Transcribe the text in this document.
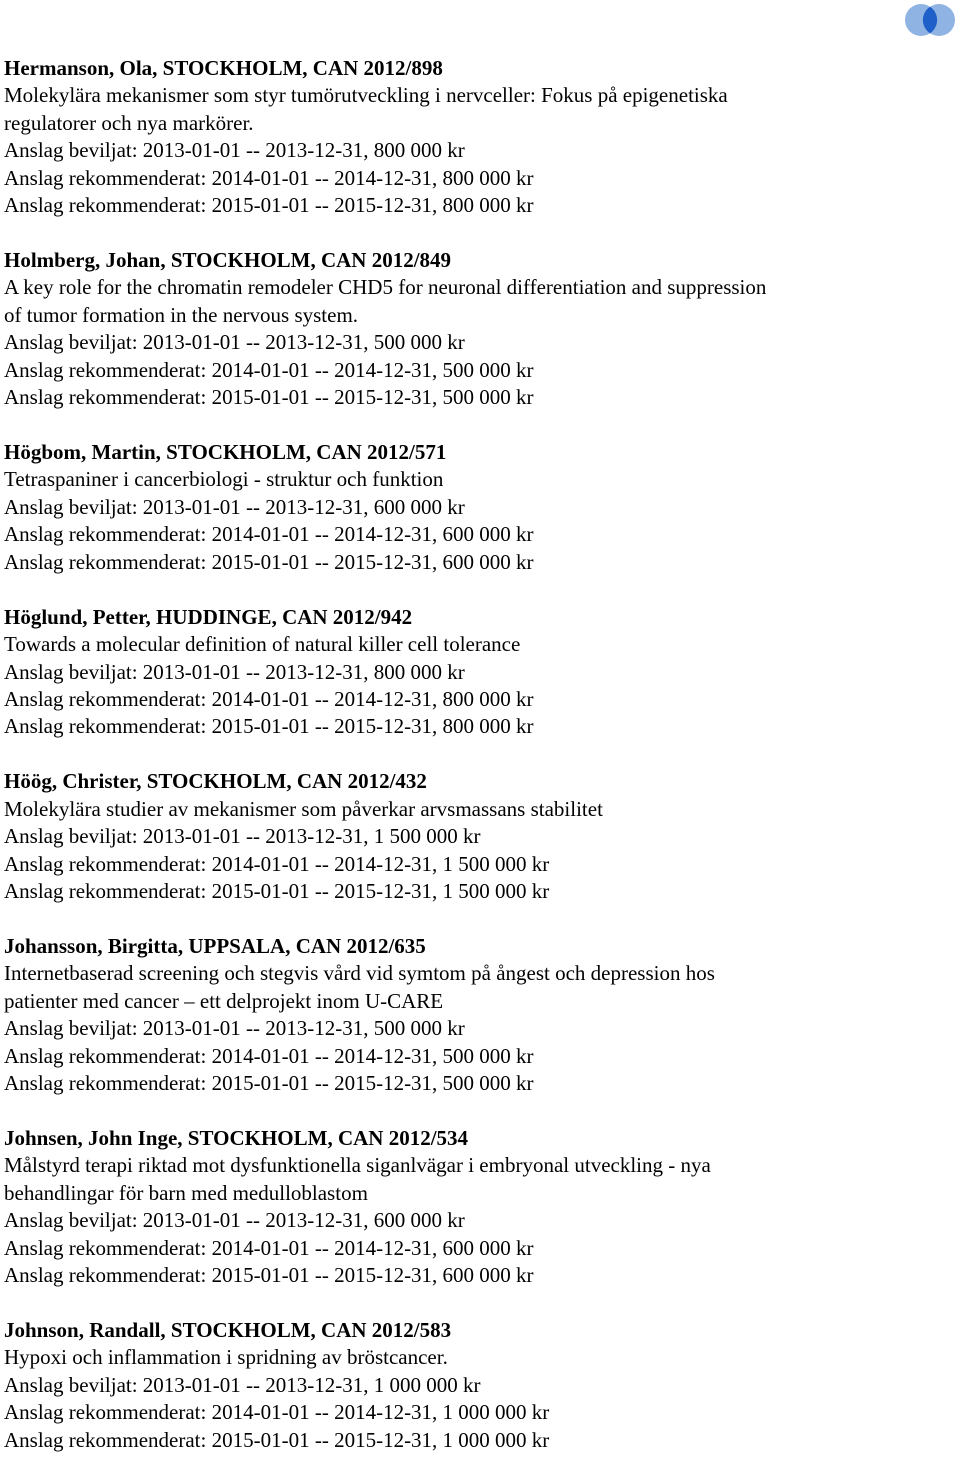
Hermanson, Ola, STOCKHOLM, CAN 2012/898
Molekylära mekanismer som styr tumörutveckling i nervceller: Fokus på epigenetiska
regulatorer och nya markörer.
Anslag beviljat: 2013-01-01 -- 2013-12-31, 800 000 kr
Anslag rekommenderat: 2014-01-01 -- 2014-12-31, 800 000 kr
Anslag rekommenderat: 2015-01-01 -- 2015-12-31, 800 000 kr
Holmberg, Johan, STOCKHOLM, CAN 2012/849
A key role for the chromatin remodeler CHD5 for neuronal differentiation and suppression
of tumor formation in the nervous system.
Anslag beviljat: 2013-01-01 -- 2013-12-31, 500 000 kr
Anslag rekommenderat: 2014-01-01 -- 2014-12-31, 500 000 kr
Anslag rekommenderat: 2015-01-01 -- 2015-12-31, 500 000 kr
Högbom, Martin, STOCKHOLM, CAN 2012/571
Tetraspaniner i cancerbiologi - struktur och funktion
Anslag beviljat: 2013-01-01 -- 2013-12-31, 600 000 kr
Anslag rekommenderat: 2014-01-01 -- 2014-12-31, 600 000 kr
Anslag rekommenderat: 2015-01-01 -- 2015-12-31, 600 000 kr
Höglund, Petter, HUDDINGE, CAN 2012/942
Towards a molecular definition of natural killer cell tolerance
Anslag beviljat: 2013-01-01 -- 2013-12-31, 800 000 kr
Anslag rekommenderat: 2014-01-01 -- 2014-12-31, 800 000 kr
Anslag rekommenderat: 2015-01-01 -- 2015-12-31, 800 000 kr
Höög, Christer, STOCKHOLM, CAN 2012/432
Molekylära studier av mekanismer som påverkar arvsmassans stabilitet
Anslag beviljat: 2013-01-01 -- 2013-12-31, 1 500 000 kr
Anslag rekommenderat: 2014-01-01 -- 2014-12-31, 1 500 000 kr
Anslag rekommenderat: 2015-01-01 -- 2015-12-31, 1 500 000 kr
Johansson, Birgitta, UPPSALA, CAN 2012/635
Internetbaserad screening och stegvis vård vid symtom på ångest och depression hos
patienter med cancer – ett delprojekt inom U-CARE
Anslag beviljat: 2013-01-01 -- 2013-12-31, 500 000 kr
Anslag rekommenderat: 2014-01-01 -- 2014-12-31, 500 000 kr
Anslag rekommenderat: 2015-01-01 -- 2015-12-31, 500 000 kr
Johnsen, John Inge, STOCKHOLM, CAN 2012/534
Målstyrd terapi riktad mot dysfunktionella siganlvägar i embryonal utveckling - nya
behandlingar för barn med medulloblastom
Anslag beviljat: 2013-01-01 -- 2013-12-31, 600 000 kr
Anslag rekommenderat: 2014-01-01 -- 2014-12-31, 600 000 kr
Anslag rekommenderat: 2015-01-01 -- 2015-12-31, 600 000 kr
Johnson, Randall, STOCKHOLM, CAN 2012/583
Hypoxi och inflammation i spridning av bröstcancer.
Anslag beviljat: 2013-01-01 -- 2013-12-31, 1 000 000 kr
Anslag rekommenderat: 2014-01-01 -- 2014-12-31, 1 000 000 kr
Anslag rekommenderat: 2015-01-01 -- 2015-12-31, 1 000 000 kr
